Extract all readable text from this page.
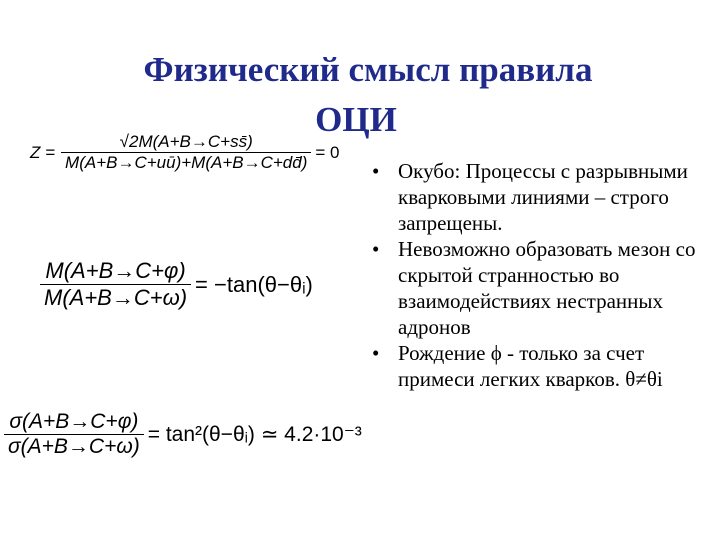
Физический смысл правила
ОЦИ
$Z = \frac{√2M(A+B\to C+ss̄)}{M(A+B\to C+uū)+M(A+B\to C+dd̄)} = 0$
$\frac{M(A+B\to C+\varphi)}{M(A+B\to C+\omega)}$ = −tan(θ−θᵢ)
$\frac{\sigma(A+B\to C+\varphi)}{\sigma(A+B\to C+\omega)}$ = tan²(θ−θᵢ) ≃ 4.2·10⁻³
• Окубо: Процессы с разрывными кварковыми линиями – строго запрещены.
• Невозможно образовать мезон со скрытой странностью во взаимодействиях нестранных адронов
• Рождение ϕ - только за счет примеси легких кварков. θ≠θi
